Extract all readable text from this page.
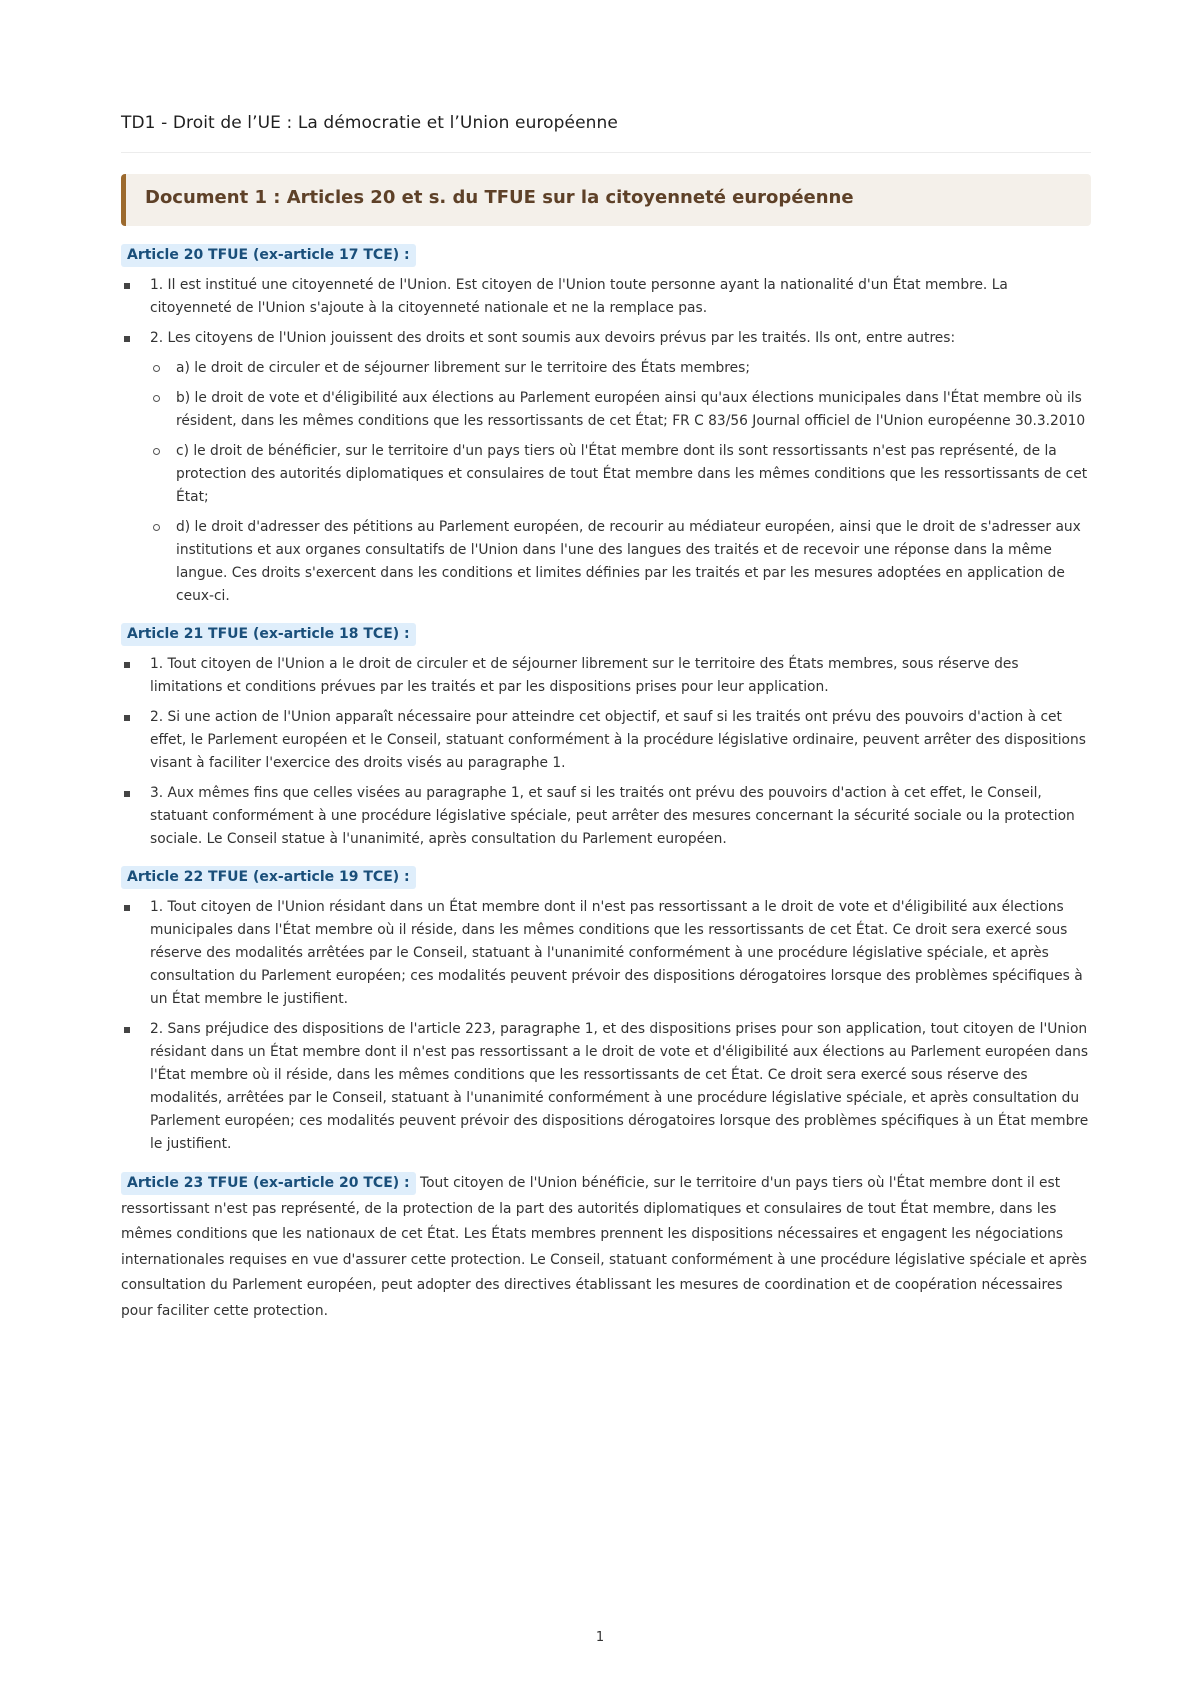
TD1 - Droit de l’UE : La démocratie et l’Union européenne
Document 1 : Articles 20 et s. du TFUE sur la citoyenneté européenne
Article 20 TFUE (ex-article 17 TCE) :
1. Il est institué une citoyenneté de l'Union. Est citoyen de l'Union toute personne ayant la nationalité d'un État membre. La citoyenneté de l'Union s'ajoute à la citoyenneté nationale et ne la remplace pas.
2. Les citoyens de l'Union jouissent des droits et sont soumis aux devoirs prévus par les traités. Ils ont, entre autres:
a) le droit de circuler et de séjourner librement sur le territoire des États membres;
b) le droit de vote et d'éligibilité aux élections au Parlement européen ainsi qu'aux élections municipales dans l'État membre où ils résident, dans les mêmes conditions que les ressortissants de cet État; FR C 83/56 Journal officiel de l'Union européenne 30.3.2010
c) le droit de bénéficier, sur le territoire d'un pays tiers où l'État membre dont ils sont ressortissants n'est pas représenté, de la protection des autorités diplomatiques et consulaires de tout État membre dans les mêmes conditions que les ressortissants de cet État;
d) le droit d'adresser des pétitions au Parlement européen, de recourir au médiateur européen, ainsi que le droit de s'adresser aux institutions et aux organes consultatifs de l'Union dans l'une des langues des traités et de recevoir une réponse dans la même langue. Ces droits s'exercent dans les conditions et limites définies par les traités et par les mesures adoptées en application de ceux-ci.
Article 21 TFUE (ex-article 18 TCE) :
1. Tout citoyen de l'Union a le droit de circuler et de séjourner librement sur le territoire des États membres, sous réserve des limitations et conditions prévues par les traités et par les dispositions prises pour leur application.
2. Si une action de l'Union apparaît nécessaire pour atteindre cet objectif, et sauf si les traités ont prévu des pouvoirs d'action à cet effet, le Parlement européen et le Conseil, statuant conformément à la procédure législative ordinaire, peuvent arrêter des dispositions visant à faciliter l'exercice des droits visés au paragraphe 1.
3. Aux mêmes fins que celles visées au paragraphe 1, et sauf si les traités ont prévu des pouvoirs d'action à cet effet, le Conseil, statuant conformément à une procédure législative spéciale, peut arrêter des mesures concernant la sécurité sociale ou la protection sociale. Le Conseil statue à l'unanimité, après consultation du Parlement européen.
Article 22 TFUE (ex-article 19 TCE) :
1. Tout citoyen de l'Union résidant dans un État membre dont il n'est pas ressortissant a le droit de vote et d'éligibilité aux élections municipales dans l'État membre où il réside, dans les mêmes conditions que les ressortissants de cet État. Ce droit sera exercé sous réserve des modalités arrêtées par le Conseil, statuant à l'unanimité conformément à une procédure législative spéciale, et après consultation du Parlement européen; ces modalités peuvent prévoir des dispositions dérogatoires lorsque des problèmes spécifiques à un État membre le justifient.
2. Sans préjudice des dispositions de l'article 223, paragraphe 1, et des dispositions prises pour son application, tout citoyen de l'Union résidant dans un État membre dont il n'est pas ressortissant a le droit de vote et d'éligibilité aux élections au Parlement européen dans l'État membre où il réside, dans les mêmes conditions que les ressortissants de cet État. Ce droit sera exercé sous réserve des modalités, arrêtées par le Conseil, statuant à l'unanimité conformément à une procédure législative spéciale, et après consultation du Parlement européen; ces modalités peuvent prévoir des dispositions dérogatoires lorsque des problèmes spécifiques à un État membre le justifient.
Article 23 TFUE (ex-article 20 TCE) : Tout citoyen de l'Union bénéficie, sur le territoire d'un pays tiers où l'État membre dont il est ressortissant n'est pas représenté, de la protection de la part des autorités diplomatiques et consulaires de tout État membre, dans les mêmes conditions que les nationaux de cet État. Les États membres prennent les dispositions nécessaires et engagent les négociations internationales requises en vue d'assurer cette protection. Le Conseil, statuant conformément à une procédure législative spéciale et après consultation du Parlement européen, peut adopter des directives établissant les mesures de coordination et de coopération nécessaires pour faciliter cette protection.
1
